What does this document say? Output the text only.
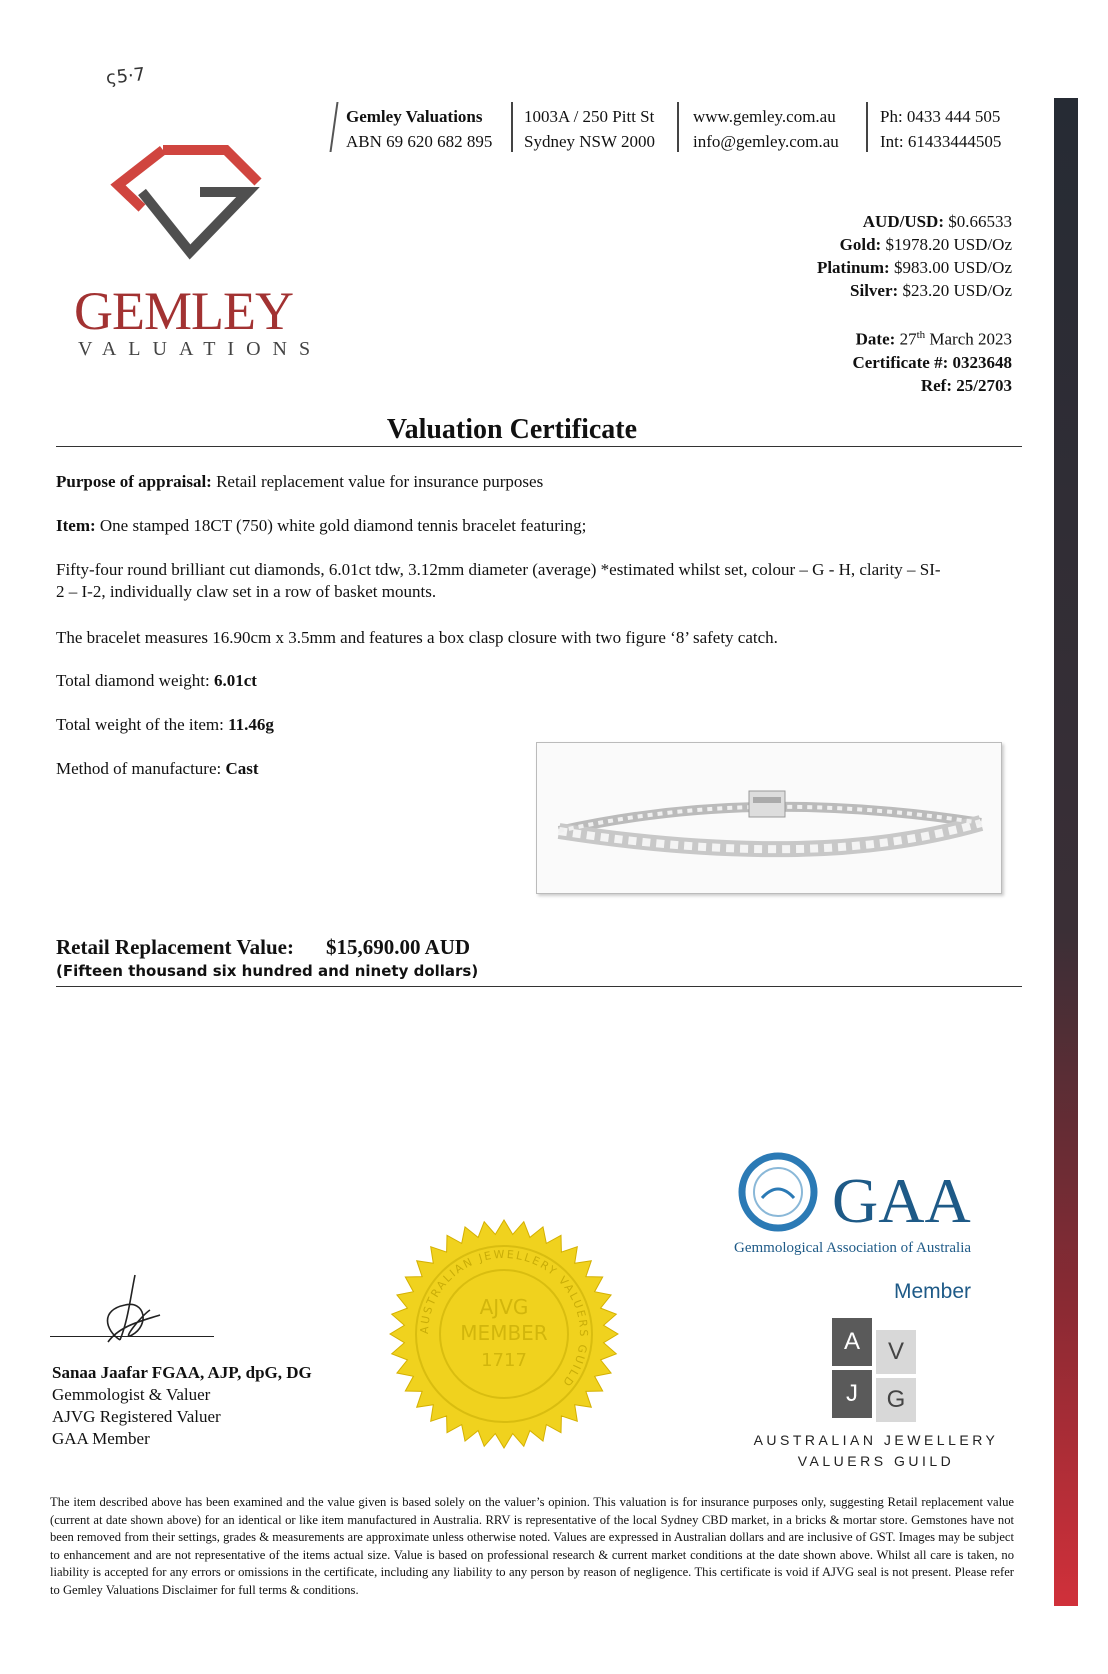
ς5·7
GEMLEY
VALUATIONS
Gemley Valuations
ABN 69 620 682 895
1003A / 250 Pitt St
Sydney NSW 2000
www.gemley.com.au
info@gemley.com.au
Ph: 0433 444 505
Int: 61433444505
AUD/USD: $0.66533
Gold: $1978.20 USD/Oz
Platinum: $983.00 USD/Oz
Silver: $23.20 USD/Oz
Date: 27th March 2023
Certificate #: 0323648
Ref: 25/2703
Valuation Certificate
Purpose of appraisal: Retail replacement value for insurance purposes
Item: One stamped 18CT (750) white gold diamond tennis bracelet featuring;
Fifty-four round brilliant cut diamonds, 6.01ct tdw, 3.12mm diameter (average) *estimated whilst set, colour – G - H, clarity – SI-
2 – I-2, individually claw set in a row of basket mounts.
The bracelet measures 16.90cm x 3.5mm and features a box clasp closure with two figure ‘8’ safety catch.
Total diamond weight: 6.01ct
Total weight of the item: 11.46g
Method of manufacture: Cast
Retail Replacement Value: $15,690.00 AUD
(Fifteen thousand six hundred and ninety dollars)
Sanaa Jaafar FGAA, AJP, dpG, DG
Gemmologist & Valuer
AJVG Registered Valuer
GAA Member
AUSTRALIAN JEWELLERY VALUERS GUILD
AJVG
MEMBER
1717
GAA
Gemmological Association of Australia
Member
A	V
J	G
AUSTRALIAN JEWELLERY
VALUERS GUILD
The item described above has been examined and the value given is based solely on the valuer’s opinion. This valuation is for insurance purposes only, suggesting Retail replacement value (current at date shown above) for an identical or like item manufactured in Australia. RRV is representative of the local Sydney CBD market, in a bricks & mortar store. Gemstones have not been removed from their settings, grades & measurements are approximate unless otherwise noted. Values are expressed in Australian dollars and are inclusive of GST. Images may be subject to enhancement and are not representative of the items actual size. Value is based on professional research & current market conditions at the date shown above. Whilst all care is taken, no liability is accepted for any errors or omissions in the certificate, including any liability to any person by reason of negligence. This certificate is void if AJVG seal is not present. Please refer to Gemley Valuations Disclaimer for full terms & conditions.
